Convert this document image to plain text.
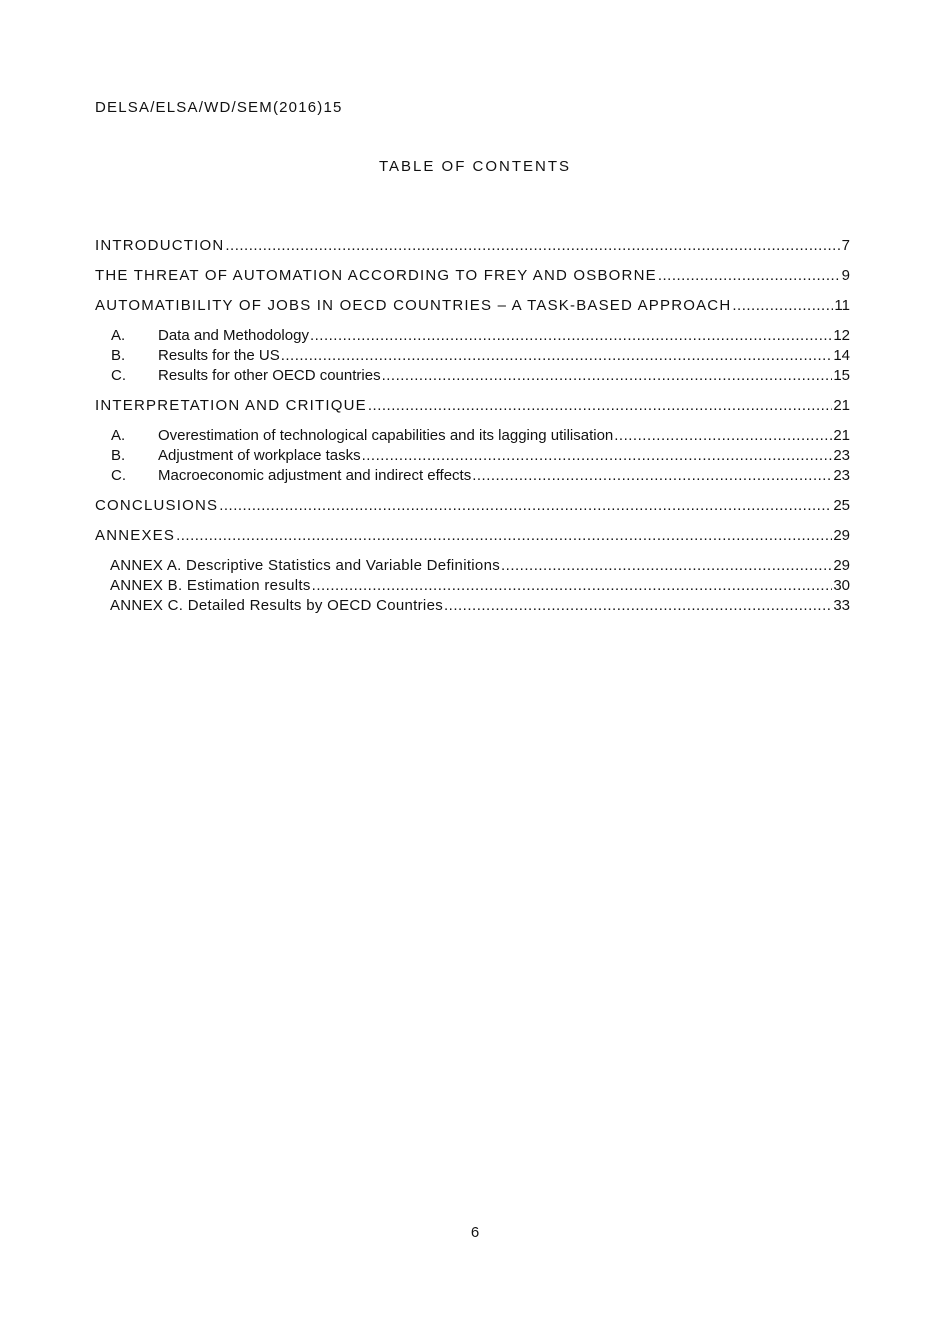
DELSA/ELSA/WD/SEM(2016)15
TABLE OF CONTENTS
INTRODUCTION .....	7
THE THREAT OF AUTOMATION ACCORDING TO FREY AND OSBORNE .....	9
AUTOMATIBILITY OF JOBS IN OECD COUNTRIES – A TASK-BASED APPROACH .....	11
A.	Data and Methodology .....	12
B.	Results for the US .....	14
C.	Results for other OECD countries .....	15
INTERPRETATION AND CRITIQUE .....	21
A.	Overestimation of technological capabilities and its lagging utilisation .....	21
B.	Adjustment of workplace tasks .....	23
C.	Macroeconomic adjustment and indirect effects .....	23
CONCLUSIONS .....	25
ANNEXES .....	29
ANNEX A. Descriptive Statistics and Variable Definitions .....	29
ANNEX B. Estimation results .....	30
ANNEX C. Detailed Results by OECD Countries .....	33
6
